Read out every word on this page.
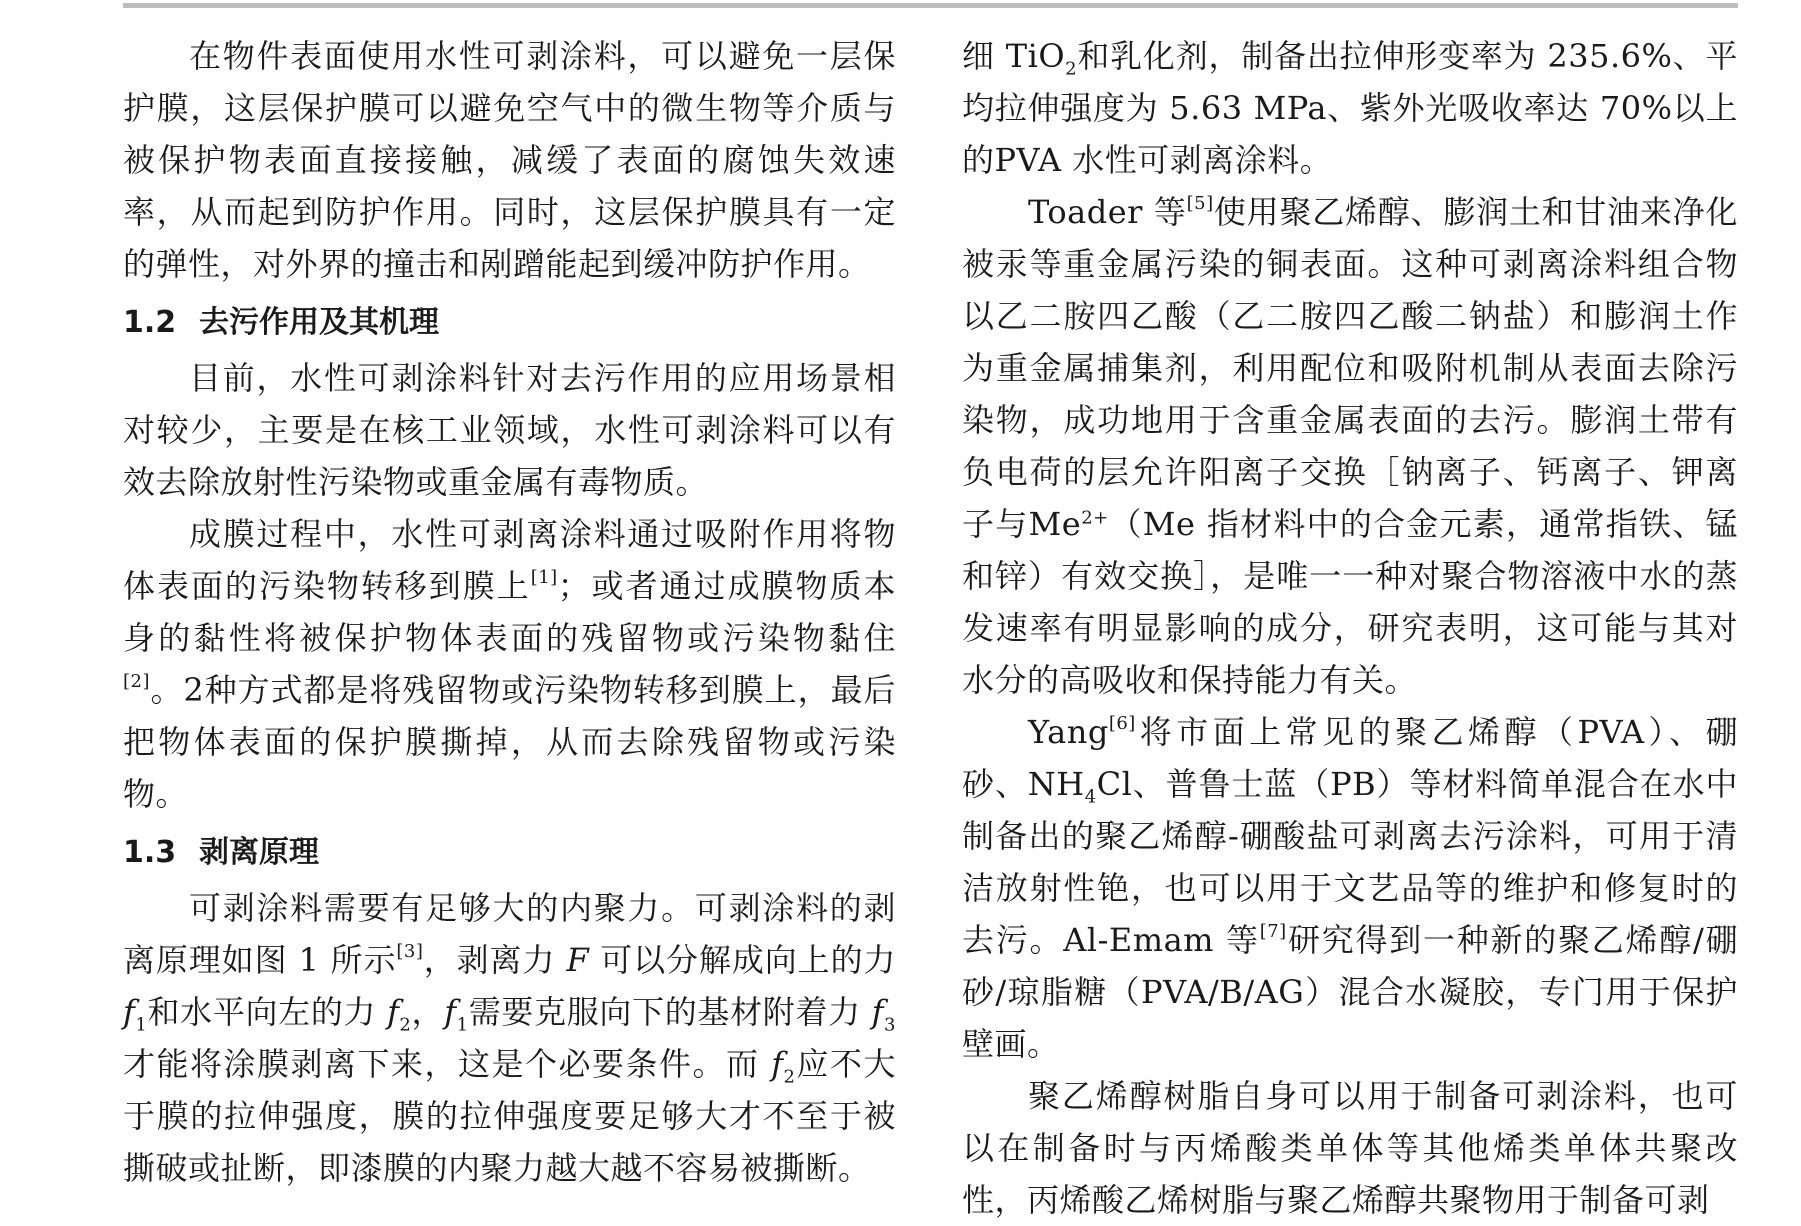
在物件表面使用水性可剥涂料，可以避免一层保护膜，这层保护膜可以避免空气中的微生物等介质与被保护物表面直接接触，减缓了表面的腐蚀失效速率，从而起到防护作用。同时，这层保护膜具有一定的弹性，对外界的撞击和剐蹭能起到缓冲防护作用。

1.2 去污作用及其机理

目前，水性可剥涂料针对去污作用的应用场景相对较少，主要是在核工业领域，水性可剥涂料可以有效去除放射性污染物或重金属有毒物质。

成膜过程中，水性可剥离涂料通过吸附作用将物体表面的污染物转移到膜上[1]；或者通过成膜物质本身的黏性将被保护物体表面的残留物或污染物黏住[2]。2种方式都是将残留物或污染物转移到膜上，最后把物体表面的保护膜撕掉，从而去除残留物或污染物。

1.3 剥离原理

可剥涂料需要有足够大的内聚力。可剥涂料的剥离原理如图 1 所示[3]，剥离力 F 可以分解成向上的力 $f_1$和水平向左的力 $f_2$，$f_1$需要克服向下的基材附着力 $f_3$才能将涂膜剥离下来，这是个必要条件。而 $f_2$应不大于膜的拉伸强度，膜的拉伸强度要足够大才不至于被撕破或扯断，即漆膜的内聚力越大越不容易被撕断。

细 TiO$_2$和乳化剂，制备出拉伸形变率为 235.6%、平均拉伸强度为 5.63 MPa、紫外光吸收率达 70%以上的PVA 水性可剥离涂料。

Toader 等[5]使用聚乙烯醇、膨润土和甘油来净化被汞等重金属污染的铜表面。这种可剥离涂料组合物以乙二胺四乙酸（乙二胺四乙酸二钠盐）和膨润土作为重金属捕集剂，利用配位和吸附机制从表面去除污染物，成功地用于含重金属表面的去污。膨润土带有负电荷的层允许阳离子交换［钠离子、钙离子、钾离子与$Me^{2+}(Me$ 指材料中的合金元素，通常指铁、锰和锌）有效交换］，是唯一一种对聚合物溶液中水的蒸发速率有明显影响的成分，研究表明，这可能与其对水分的高吸收和保持能力有关。

Yang[6]将市面上常见的聚乙烯醇（PVA）、硼砂、$NH_4Cl$、普鲁士蓝（PB）等材料简单混合在水中制备出的聚乙烯醇-硼酸盐可剥离去污涂料，可用于清洁放射性铯，也可以用于文艺品等的维护和修复时的去污。Al-Emam 等[7]研究得到一种新的聚乙烯醇/硼砂/琼脂糖（PVA/B/AG）混合水凝胶，专门用于保护壁画。

聚乙烯醇树脂自身可以用于制备可剥涂料，也可以在制备时与丙烯酸类单体等其他烯类单体共聚改性，丙烯酸乙烯树脂与聚乙烯醇共聚物用于制备可剥
